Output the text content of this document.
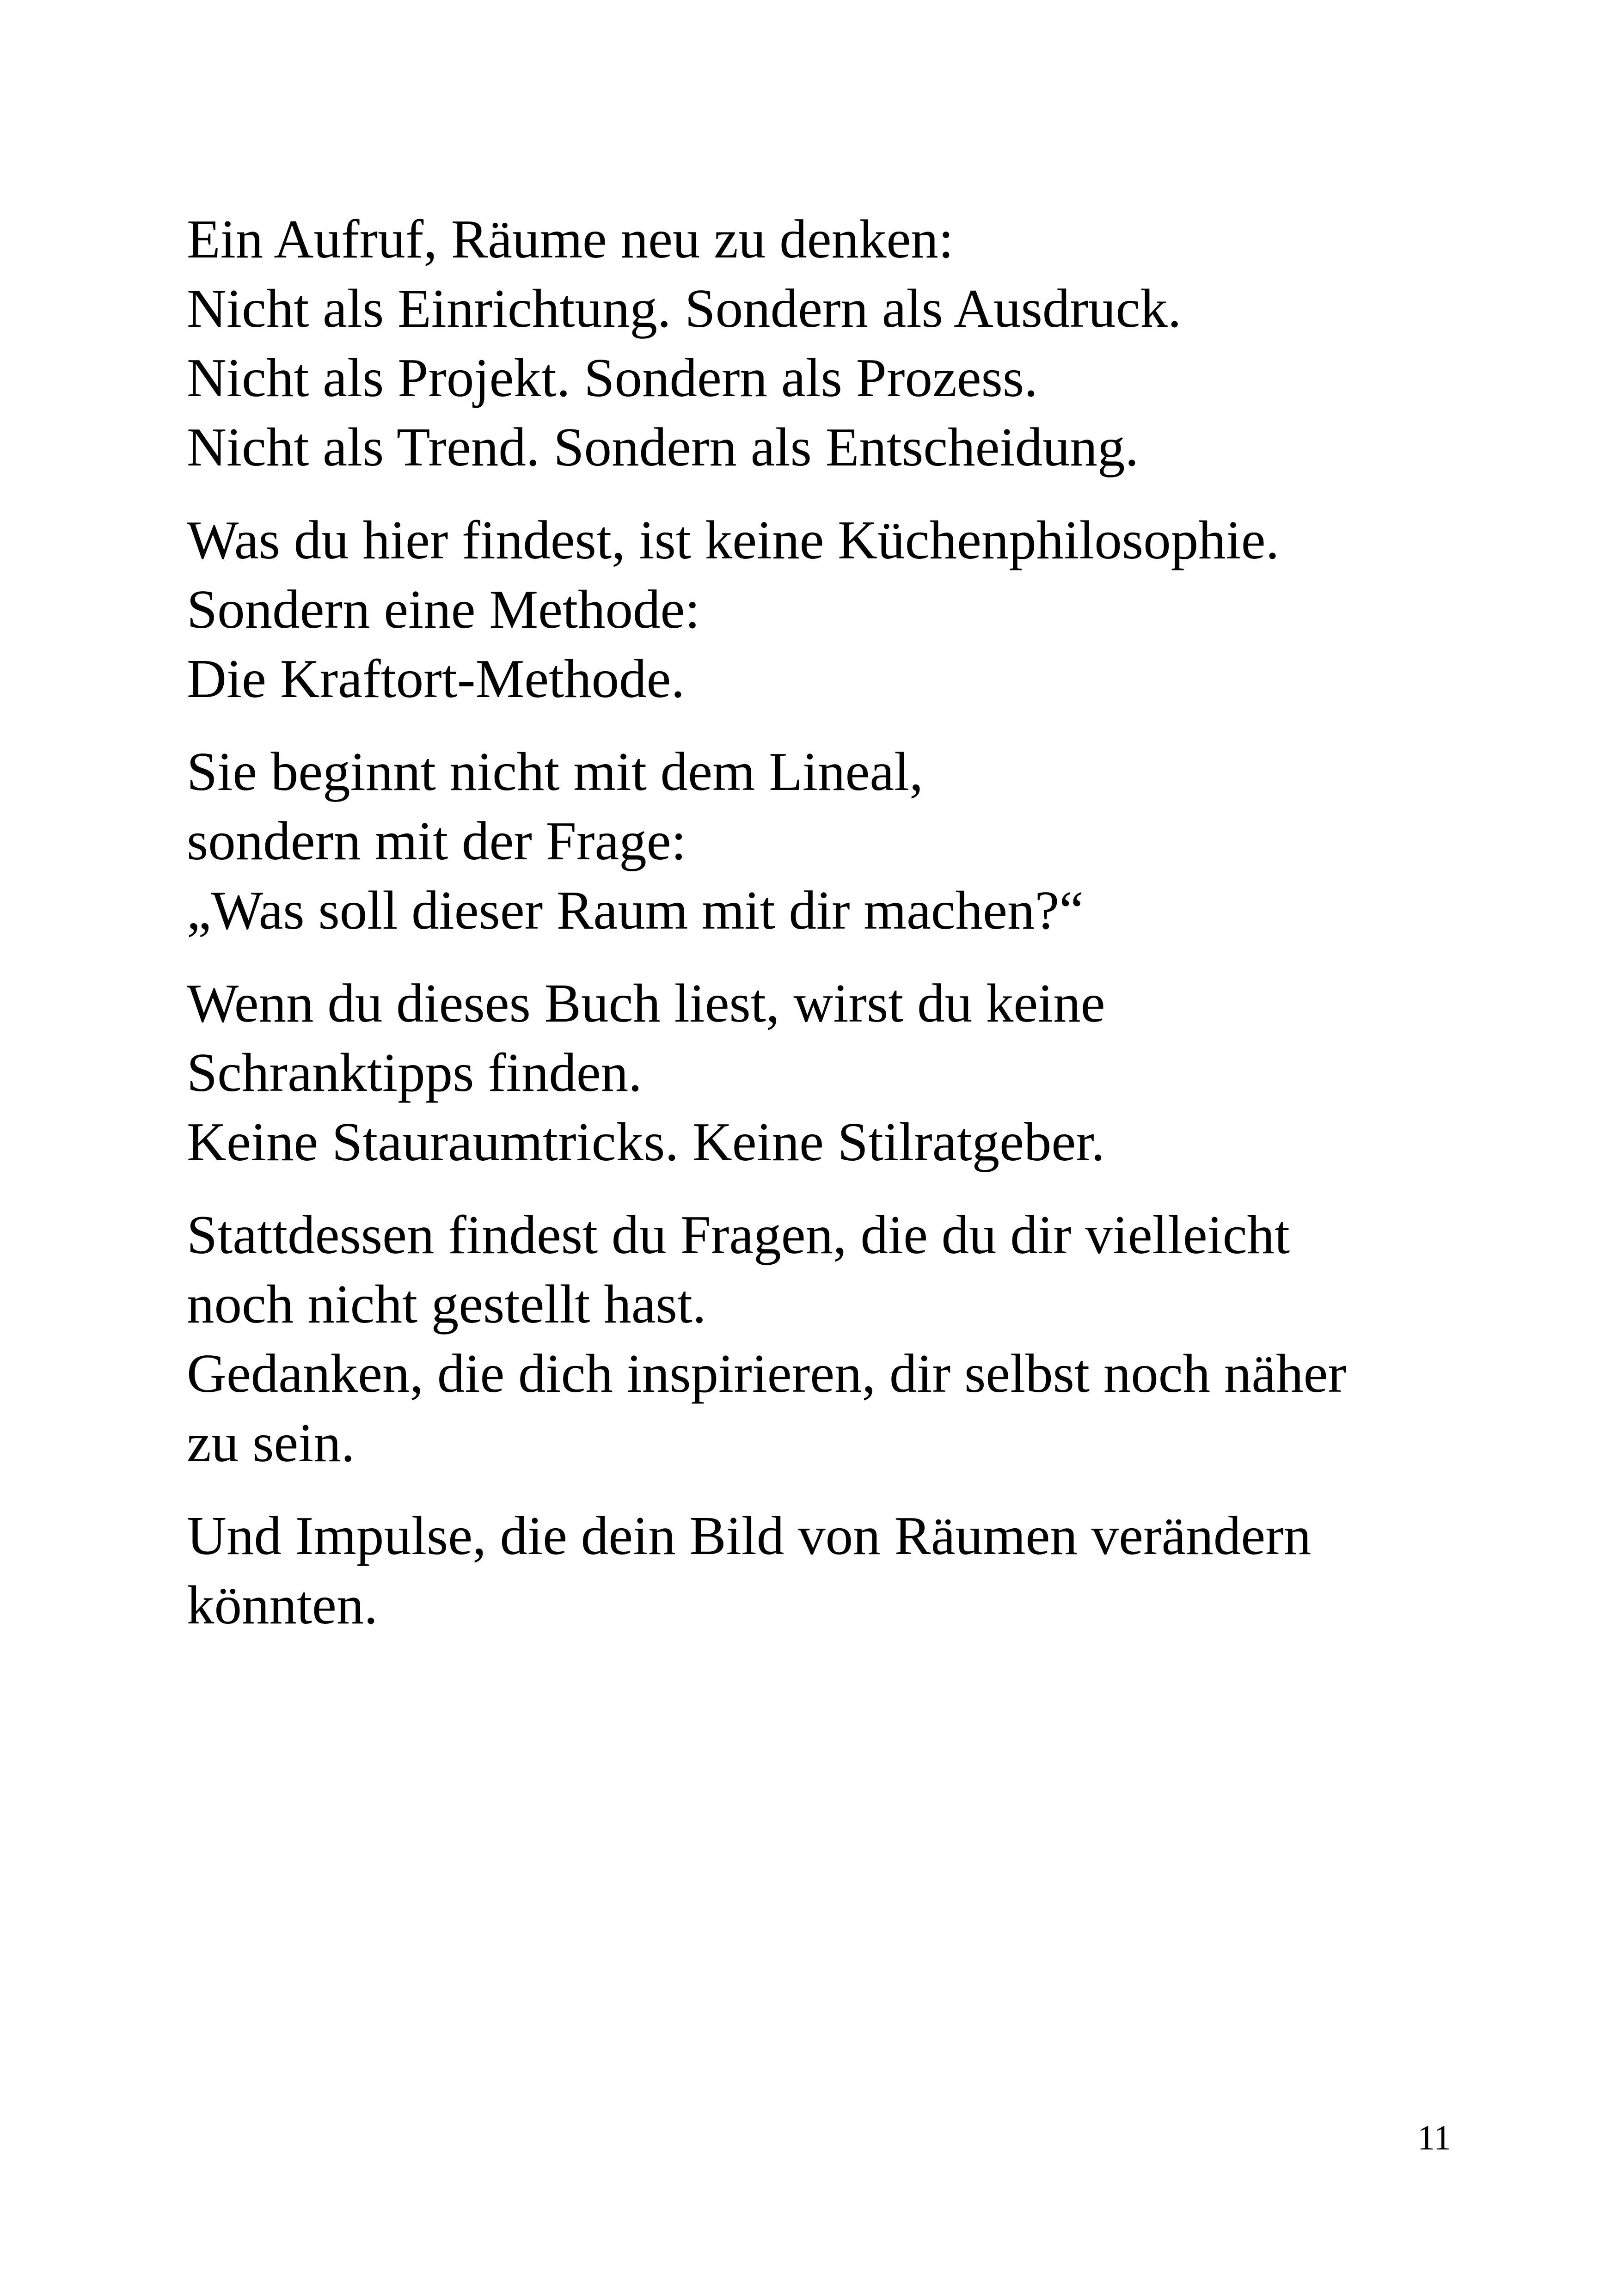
Ein Aufruf, Räume neu zu denken:
Nicht als Einrichtung. Sondern als Ausdruck.
Nicht als Projekt. Sondern als Prozess.
Nicht als Trend. Sondern als Entscheidung.

Was du hier findest, ist keine Küchenphilosophie.
Sondern eine Methode:
Die Kraftort-Methode.

Sie beginnt nicht mit dem Lineal,
sondern mit der Frage:
„Was soll dieser Raum mit dir machen?“

Wenn du dieses Buch liest, wirst du keine
Schranktipps finden.
Keine Stauraumtricks. Keine Stilratgeber.

Stattdessen findest du Fragen, die du dir vielleicht
noch nicht gestellt hast.
Gedanken, die dich inspirieren, dir selbst noch näher
zu sein.

Und Impulse, die dein Bild von Räumen verändern
könnten.

11
